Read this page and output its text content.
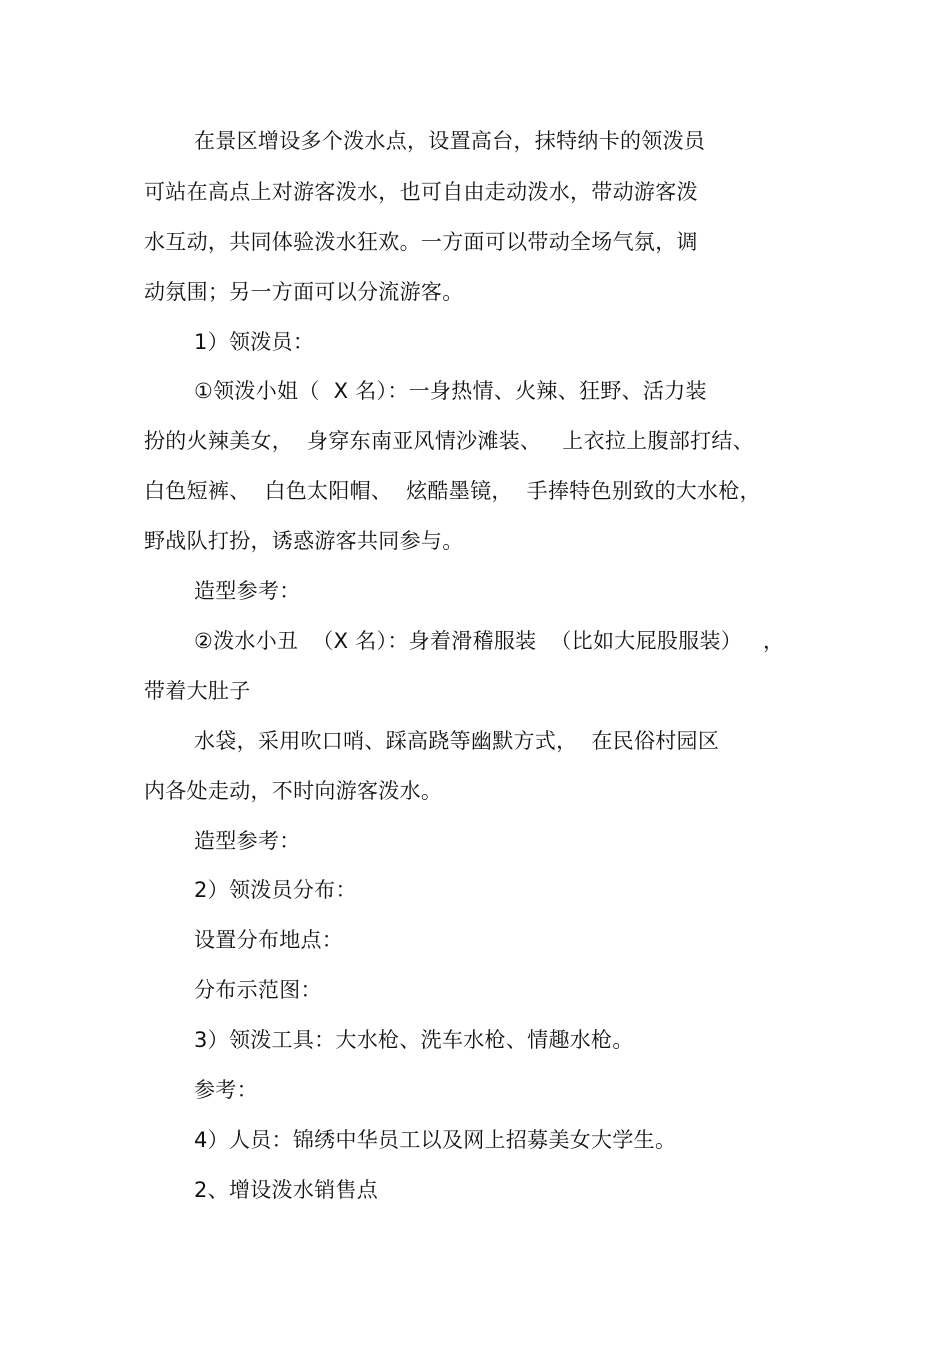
在景区增设多个泼水点，设置高台，抹特纳卡的领泼员
可站在高点上对游客泼水，也可自由走动泼水，带动游客泼
水互动，共同体验泼水狂欢。一方面可以带动全场气氛，调
动氛围；另一方面可以分流游客。
1）领泼员：
①领泼小姐（  X 名）：一身热情、火辣、狂野、活力装
扮的火辣美女，  身穿东南亚风情沙滩装、   上衣拉上腹部打结、
白色短裤、  白色太阳帽、  炫酷墨镜，  手捧特色别致的大水枪，
野战队打扮，诱惑游客共同参与。
造型参考：
②泼水小丑  （X 名）：身着滑稽服装  （比如大屁股服装）   ，
带着大肚子
水袋，采用吹口哨、踩高跷等幽默方式，  在民俗村园区
内各处走动，不时向游客泼水。
造型参考：
2）领泼员分布：
设置分布地点：
分布示范图：
3）领泼工具：大水枪、洗车水枪、情趣水枪。
参考：
4）人员：锦绣中华员工以及网上招募美女大学生。
2、增设泼水销售点
